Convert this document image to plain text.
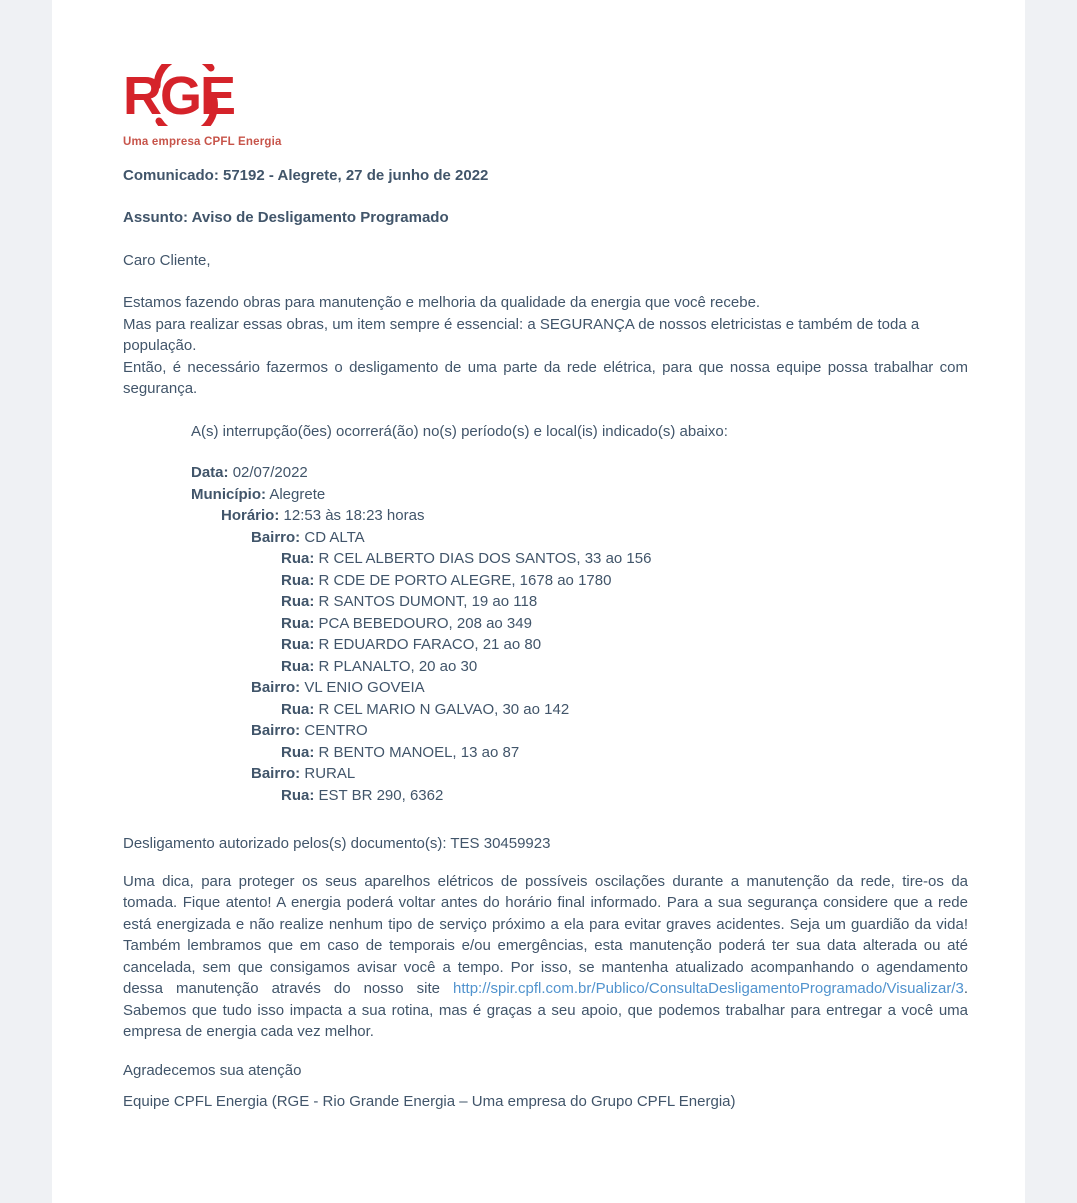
RGE
Uma empresa CPFL Energia

Comunicado: 57192 - Alegrete, 27 de junho de 2022

Assunto: Aviso de Desligamento Programado

Caro Cliente,

Estamos fazendo obras para manutenção e melhoria da qualidade da energia que você recebe.
Mas para realizar essas obras, um item sempre é essencial: a SEGURANÇA de nossos eletricistas e também de toda a população.
Então, é necessário fazermos o desligamento de uma parte da rede elétrica, para que nossa equipe possa trabalhar com segurança.

A(s) interrupção(ões) ocorrerá(ão) no(s) período(s) e local(is) indicado(s) abaixo:

Data: 02/07/2022
Município: Alegrete
Horário: 12:53 às 18:23 horas
Bairro: CD ALTA
Rua: R CEL ALBERTO DIAS DOS SANTOS, 33 ao 156
Rua: R CDE DE PORTO ALEGRE, 1678 ao 1780
Rua: R SANTOS DUMONT, 19 ao 118
Rua: PCA BEBEDOURO, 208 ao 349
Rua: R EDUARDO FARACO, 21 ao 80
Rua: R PLANALTO, 20 ao 30
Bairro: VL ENIO GOVEIA
Rua: R CEL MARIO N GALVAO, 30 ao 142
Bairro: CENTRO
Rua: R BENTO MANOEL, 13 ao 87
Bairro: RURAL
Rua: EST BR 290, 6362

Desligamento autorizado pelos(s) documento(s): TES 30459923

Uma dica, para proteger os seus aparelhos elétricos de possíveis oscilações durante a manutenção da rede, tire-os da tomada. Fique atento! A energia poderá voltar antes do horário final informado. Para a sua segurança considere que a rede está energizada e não realize nenhum tipo de serviço próximo a ela para evitar graves acidentes. Seja um guardião da vida! Também lembramos que em caso de temporais e/ou emergências, esta manutenção poderá ter sua data alterada ou até cancelada, sem que consigamos avisar você a tempo. Por isso, se mantenha atualizado acompanhando o agendamento dessa manutenção através do nosso site http://spir.cpfl.com.br/Publico/ConsultaDesligamentoProgramado/Visualizar/3. Sabemos que tudo isso impacta a sua rotina, mas é graças a seu apoio, que podemos trabalhar para entregar a você uma empresa de energia cada vez melhor.

Agradecemos sua atenção

Equipe CPFL Energia (RGE - Rio Grande Energia – Uma empresa do Grupo CPFL Energia)
